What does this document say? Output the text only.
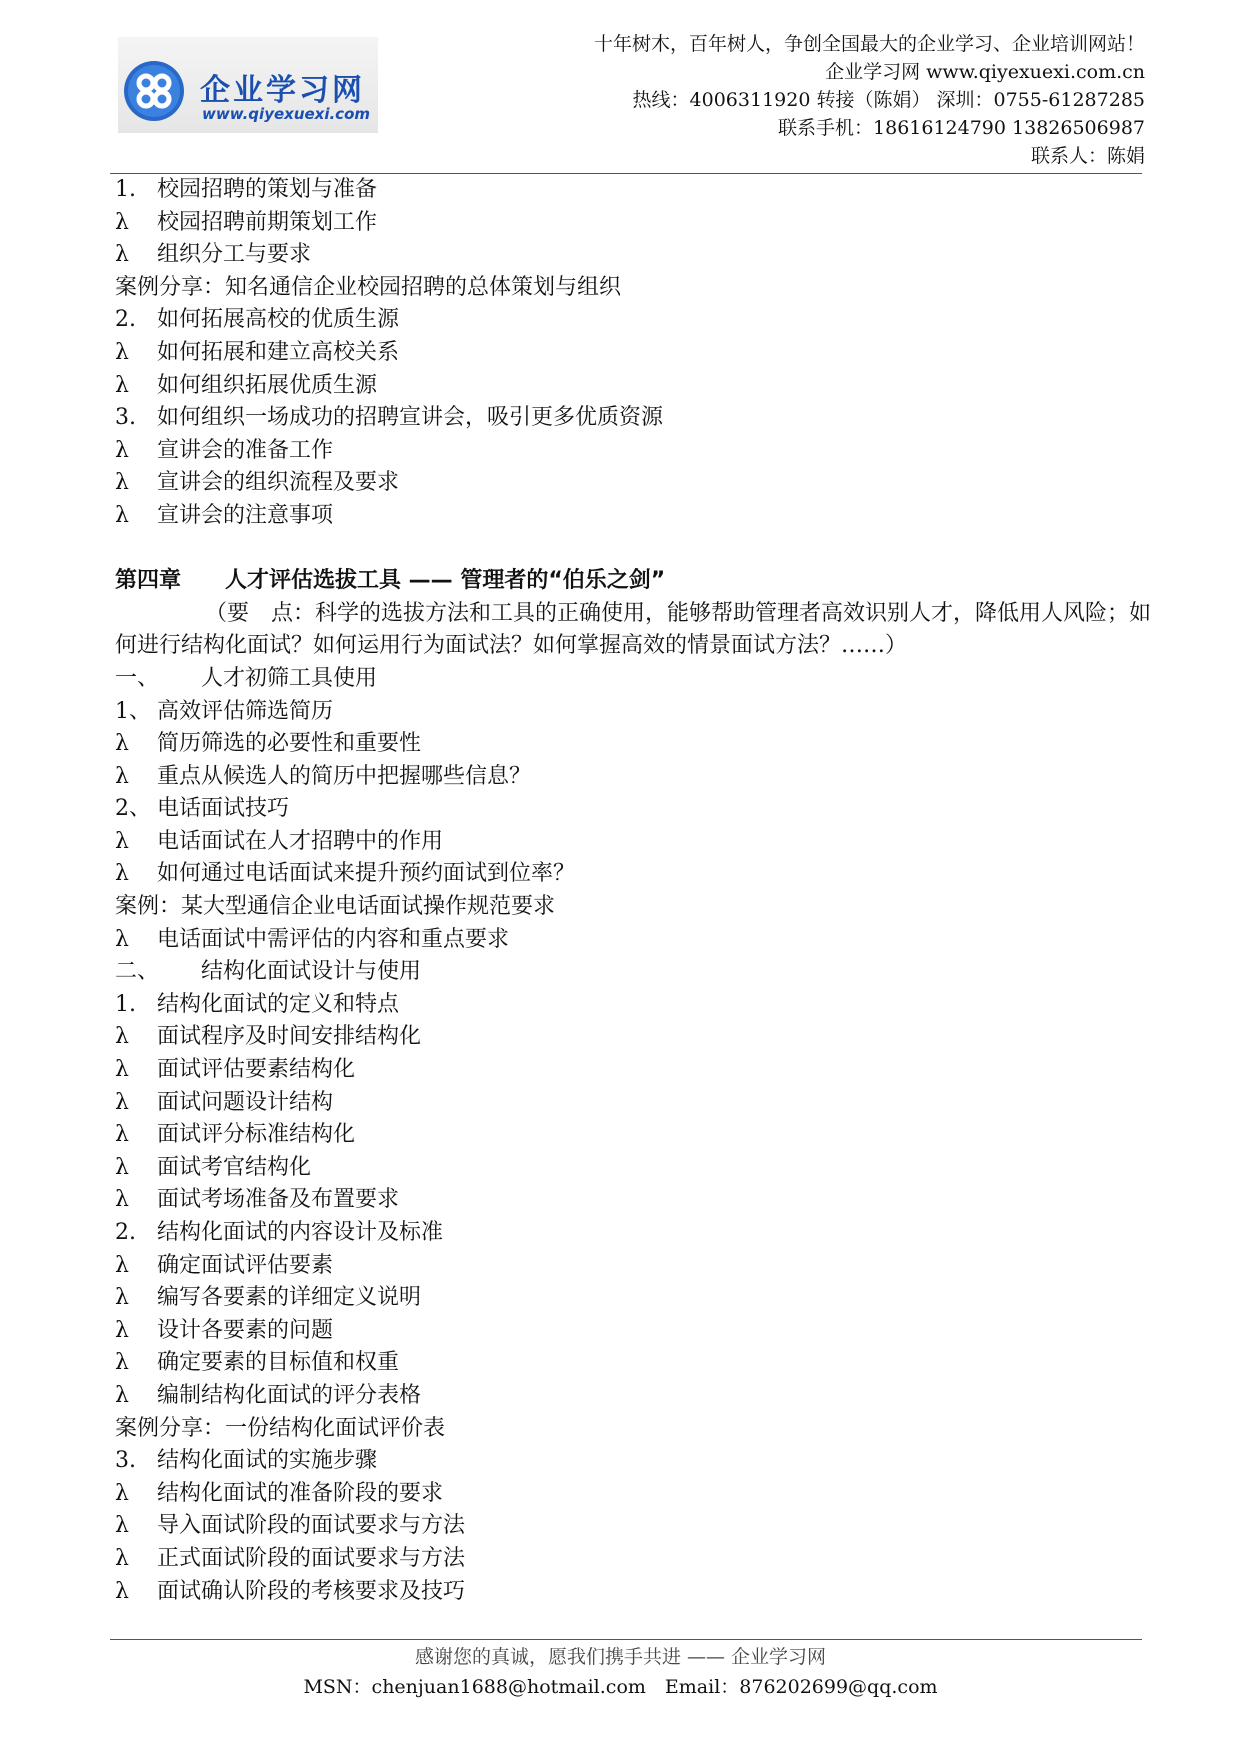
企业学习网
www.qiyexuexi.com
十年树木，百年树人，争创全国最大的企业学习、企业培训网站！
企业学习网 www.qiyexuexi.com.cn
热线：4006311920 转接（陈娟） 深圳：0755-61287285
联系手机：18616124790 13826506987
联系人：陈娟
1. 校园招聘的策划与准备
λ 校园招聘前期策划工作
λ 组织分工与要求
案例分享：知名通信企业校园招聘的总体策划与组织
2. 如何拓展高校的优质生源
λ 如何拓展和建立高校关系
λ 如何组织拓展优质生源
3. 如何组织一场成功的招聘宣讲会，吸引更多优质资源
λ 宣讲会的准备工作
λ 宣讲会的组织流程及要求
λ 宣讲会的注意事项
第四章 人才评估选拔工具 —— 管理者的“伯乐之剑”
（要　点：科学的选拔方法和工具的正确使用，能够帮助管理者高效识别人才，降低用人风险；如何进行结构化面试？如何运用行为面试法？如何掌握高效的情景面试方法？……）
一、　　人才初筛工具使用
1、 高效评估筛选简历
λ 简历筛选的必要性和重要性
λ 重点从候选人的简历中把握哪些信息？
2、 电话面试技巧
λ 电话面试在人才招聘中的作用
λ 如何通过电话面试来提升预约面试到位率？
案例：某大型通信企业电话面试操作规范要求
λ 电话面试中需评估的内容和重点要求
二、　　结构化面试设计与使用
1. 结构化面试的定义和特点
λ 面试程序及时间安排结构化
λ 面试评估要素结构化
λ 面试问题设计结构
λ 面试评分标准结构化
λ 面试考官结构化
λ 面试考场准备及布置要求
2. 结构化面试的内容设计及标准
λ 确定面试评估要素
λ 编写各要素的详细定义说明
λ 设计各要素的问题
λ 确定要素的目标值和权重
λ 编制结构化面试的评分表格
案例分享：一份结构化面试评价表
3. 结构化面试的实施步骤
λ 结构化面试的准备阶段的要求
λ 导入面试阶段的面试要求与方法
λ 正式面试阶段的面试要求与方法
λ 面试确认阶段的考核要求及技巧
感谢您的真诚，愿我们携手共进 —— 企业学习网
MSN：chenjuan1688@hotmail.com　Email：876202699@qq.com
